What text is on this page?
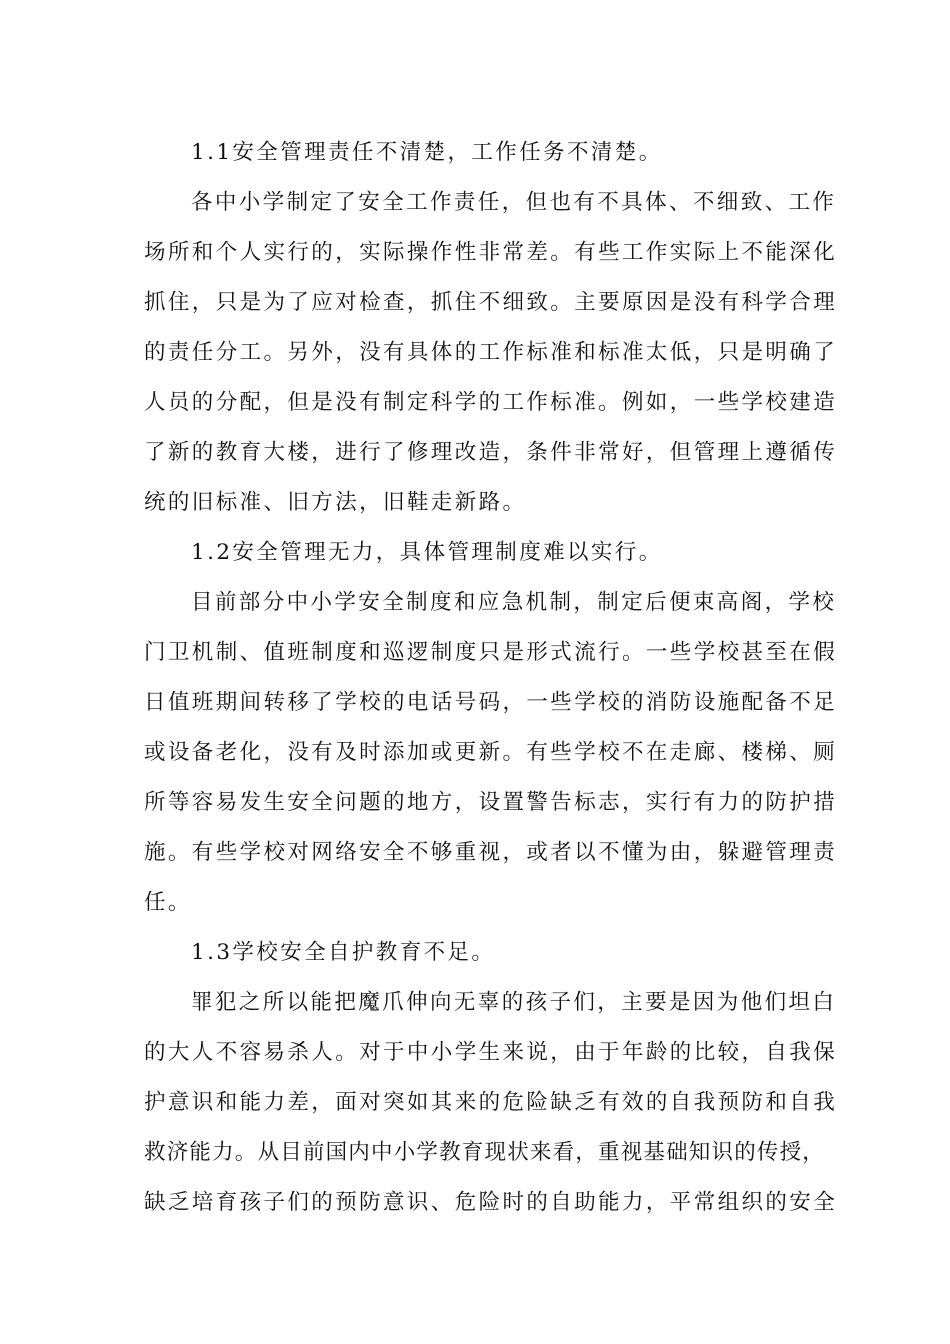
1.1安全管理责任不清楚，工作任务不清楚。
各中小学制定了安全工作责任，但也有不具体、不细致、工作
场所和个人实行的，实际操作性非常差。有些工作实际上不能深化
抓住，只是为了应对检查，抓住不细致。主要原因是没有科学合理
的责任分工。另外，没有具体的工作标准和标准太低，只是明确了
人员的分配，但是没有制定科学的工作标准。例如，一些学校建造
了新的教育大楼，进行了修理改造，条件非常好，但管理上遵循传
统的旧标准、旧方法，旧鞋走新路。
1.2安全管理无力，具体管理制度难以实行。
目前部分中小学安全制度和应急机制，制定后便束高阁，学校
门卫机制、值班制度和巡逻制度只是形式流行。一些学校甚至在假
日值班期间转移了学校的电话号码，一些学校的消防设施配备不足
或设备老化，没有及时添加或更新。有些学校不在走廊、楼梯、厕
所等容易发生安全问题的地方，设置警告标志，实行有力的防护措
施。有些学校对网络安全不够重视，或者以不懂为由，躲避管理责
任。
1.3学校安全自护教育不足。
罪犯之所以能把魔爪伸向无辜的孩子们，主要是因为他们坦白
的大人不容易杀人。对于中小学生来说，由于年龄的比较，自我保
护意识和能力差，面对突如其来的危险缺乏有效的自我预防和自我
救济能力。从目前国内中小学教育现状来看，重视基础知识的传授，
缺乏培育孩子们的预防意识、危险时的自助能力，平常组织的安全
